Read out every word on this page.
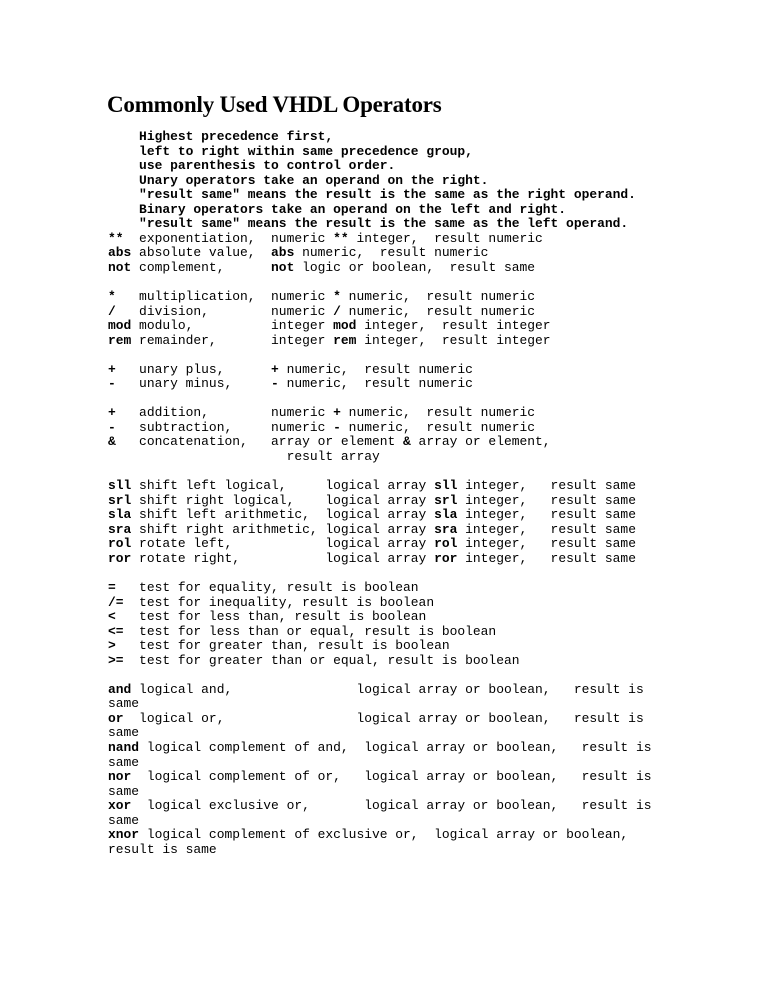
Commonly Used VHDL Operators
Highest precedence first,
left to right within same precedence group,
use parenthesis to control order.
Unary operators take an operand on the right.
"result same" means the result is the same as the right operand.
Binary operators take an operand on the left and right.
"result same" means the result is the same as the left operand.
**  exponentiation,  numeric ** integer,  result numeric
abs absolute value,  abs numeric,  result numeric
not complement,      not logic or boolean,  result same

*   multiplication,  numeric * numeric,  result numeric
/   division,        numeric / numeric,  result numeric
mod modulo,          integer mod integer,  result integer
rem remainder,       integer rem integer,  result integer

+   unary plus,      + numeric,  result numeric
-   unary minus,     - numeric,  result numeric

+   addition,        numeric + numeric,  result numeric
-   subtraction,     numeric - numeric,  result numeric
&   concatenation,   array or element & array or element,
result array

sll shift left logical,     logical array sll integer,   result same
srl shift right logical,    logical array srl integer,   result same
sla shift left arithmetic,  logical array sla integer,   result same
sra shift right arithmetic, logical array sra integer,   result same
rol rotate left,            logical array rol integer,   result same
ror rotate right,           logical array ror integer,   result same

=   test for equality, result is boolean
/=  test for inequality, result is boolean
<   test for less than, result is boolean
<=  test for less than or equal, result is boolean
>   test for greater than, result is boolean
>=  test for greater than or equal, result is boolean

and logical and,                logical array or boolean,   result is
same
or  logical or,                 logical array or boolean,   result is
same
nand logical complement of and,  logical array or boolean,   result is
same
nor  logical complement of or,   logical array or boolean,   result is
same
xor  logical exclusive or,       logical array or boolean,   result is
same
xnor logical complement of exclusive or,  logical array or boolean,
result is same
